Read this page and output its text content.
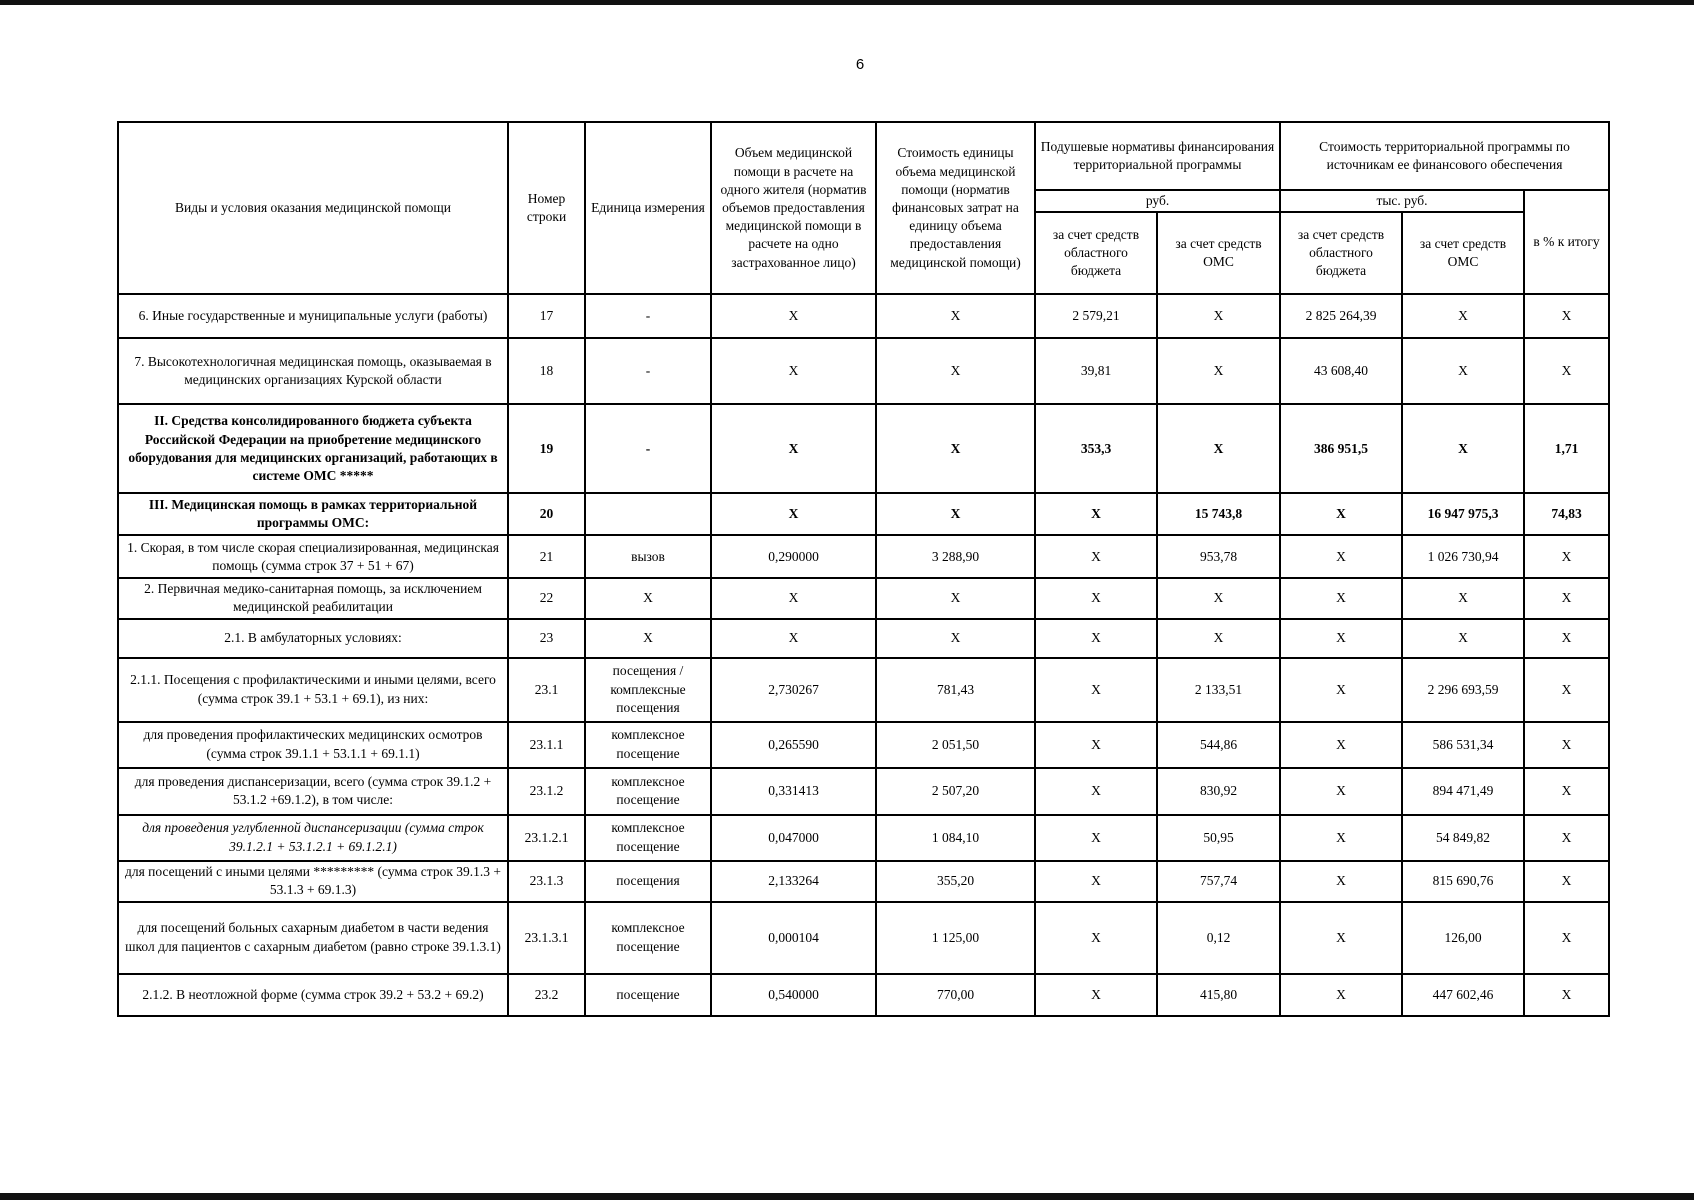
6
Виды и условия оказания медицинской помощи	Номер строки	Единица измерения	Объем медицинской помощи в расчете на одного жителя (норматив объемов предоставления медицинской помощи в расчете на одно застрахованное лицо)	Стоимость единицы объема медицинской помощи (норматив финансовых затрат на единицу объема предоставления медицинской помощи)	Подушевые нормативы финансирования территориальной программы		Стоимость территориальной программы по источникам ее финансового обеспечения		
					руб.		тыс. руб.		в % к итогу
					за счет средств областного бюджета	за счет средств ОМС	за счет средств областного бюджета	за счет средств ОМС	
6. Иные государственные и муниципальные услуги (работы)	17	-	X	X	2 579,21	X	2 825 264,39	X	X
7. Высокотехнологичная медицинская помощь, оказываемая в медицинских организациях Курской области	18	-	X	X	39,81	X	43 608,40	X	X
II. Средства консолидированного бюджета субъекта Российской Федерации на приобретение медицинского оборудования для медицинских организаций, работающих в системе ОМС *****	19	-	X	X	353,3	X	386 951,5	X	1,71
III. Медицинская помощь в рамках территориальной программы ОМС:	20		X	X	X	15 743,8	X	16 947 975,3	74,83
1. Скорая, в том числе скорая специализированная, медицинская помощь (сумма строк 37 + 51 + 67)	21	вызов	0,290000	3 288,90	X	953,78	X	1 026 730,94	X
2. Первичная медико-санитарная помощь, за исключением медицинской реабилитации	22	X	X	X	X	X	X	X	X
2.1. В амбулаторных условиях:	23	X	X	X	X	X	X	X	X
2.1.1. Посещения с профилактическими и иными целями, всего (сумма строк 39.1 + 53.1 + 69.1), из них:	23.1	посещения / комплексные посещения	2,730267	781,43	X	2 133,51	X	2 296 693,59	X
для проведения профилактических медицинских осмотров (сумма строк 39.1.1 + 53.1.1 + 69.1.1)	23.1.1	комплексное посещение	0,265590	2 051,50	X	544,86	X	586 531,34	X
для проведения диспансеризации, всего (сумма строк 39.1.2 + 53.1.2 +69.1.2), в том числе:	23.1.2	комплексное посещение	0,331413	2 507,20	X	830,92	X	894 471,49	X
для проведения углубленной диспансеризации (сумма строк 39.1.2.1 + 53.1.2.1 + 69.1.2.1)	23.1.2.1	комплексное посещение	0,047000	1 084,10	X	50,95	X	54 849,82	X
для посещений с иными целями ********* (сумма строк 39.1.3 + 53.1.3 + 69.1.3)	23.1.3	посещения	2,133264	355,20	X	757,74	X	815 690,76	X
для посещений больных сахарным диабетом в части ведения школ для пациентов с сахарным диабетом (равно строке 39.1.3.1)	23.1.3.1	комплексное посещение	0,000104	1 125,00	X	0,12	X	126,00	X
2.1.2. В неотложной форме (сумма строк 39.2 + 53.2 + 69.2)	23.2	посещение	0,540000	770,00	X	415,80	X	447 602,46	X
